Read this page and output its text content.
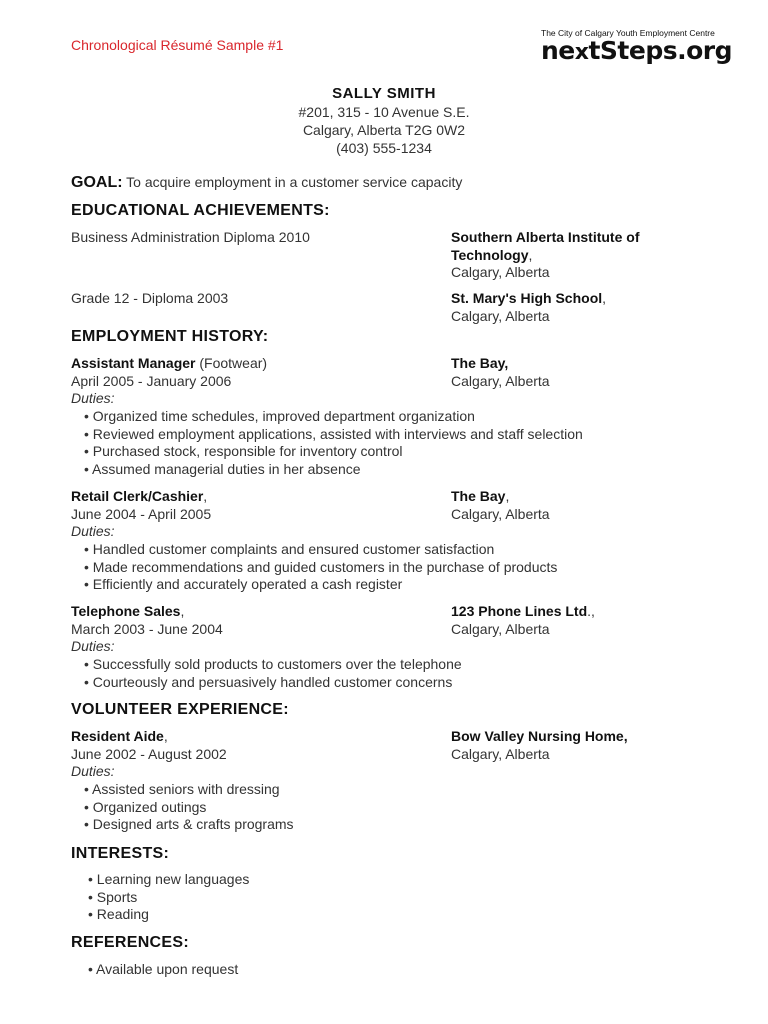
Chronological Résumé Sample #1
The City of Calgary Youth Employment Centre
nextSteps.org
SALLY SMITH
#201, 315 - 10 Avenue S.E.
Calgary, Alberta T2G 0W2
(403) 555-1234
GOAL: To acquire employment in a customer service capacity
EDUCATIONAL ACHIEVEMENTS:
Business Administration Diploma 2010	Southern Alberta Institute of Technology,
Calgary, Alberta
Grade 12 - Diploma 2003	St. Mary's High School,
Calgary, Alberta
EMPLOYMENT HISTORY:
Assistant Manager (Footwear)
April 2005 - January 2006
Duties:
The Bay,
Calgary, Alberta
• Organized time schedules, improved department organization
• Reviewed employment applications, assisted with interviews and staff selection
• Purchased stock, responsible for inventory control
• Assumed managerial duties in her absence
Retail Clerk/Cashier,
June 2004 - April 2005
Duties:
The Bay,
Calgary, Alberta
• Handled customer complaints and ensured customer satisfaction
• Made recommendations and guided customers in the purchase of products
• Efficiently and accurately operated a cash register
Telephone Sales,
March 2003 - June 2004
Duties:
123 Phone Lines Ltd.,
Calgary, Alberta
• Successfully sold products to customers over the telephone
• Courteously and persuasively handled customer concerns
VOLUNTEER EXPERIENCE:
Resident Aide,
June 2002 - August 2002
Duties:
Bow Valley Nursing Home,
Calgary, Alberta
• Assisted seniors with dressing
• Organized outings
• Designed arts & crafts programs
INTERESTS:
• Learning new languages
• Sports
• Reading
REFERENCES:
• Available upon request
